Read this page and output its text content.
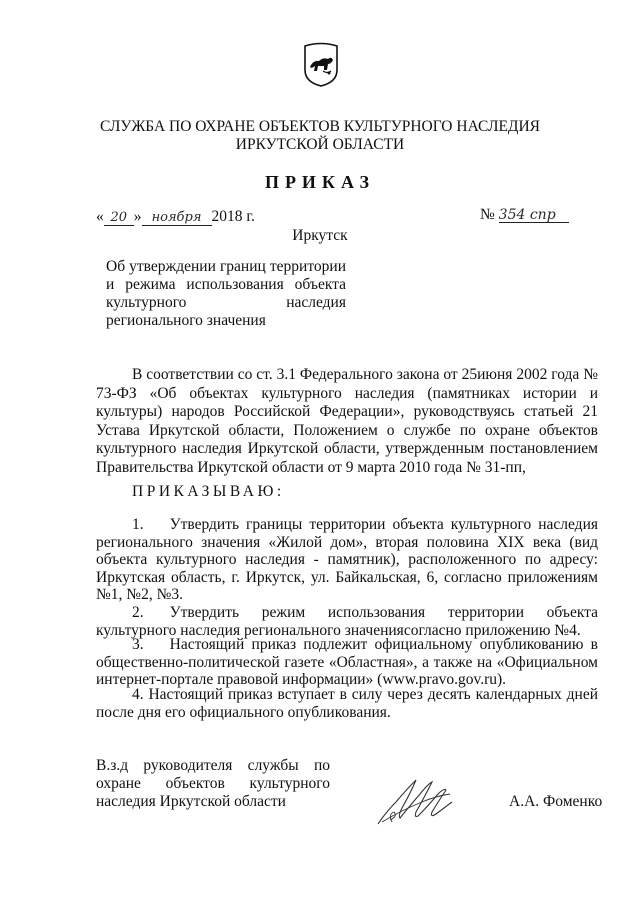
СЛУЖБА ПО ОХРАНЕ ОБЪЕКТОВ КУЛЬТУРНОГО НАСЛЕДИЯ
ИРКУТСКОЙ ОБЛАСТИ
ПРИКАЗ
« 20 » ноября 2018 г.	№ 354 спр
Иркутск
Об утверждении границ территории и режима использования объекта культурного наследия регионального значения
В соответствии со ст. 3.1 Федерального закона от 25июня 2002 года № 73-ФЗ «Об объектах культурного наследия (памятниках истории и культуры) народов Российской Федерации», руководствуясь статьей 21 Устава Иркутской области, Положением о службе по охране объектов культурного наследия Иркутской области, утвержденным постановлением Правительства Иркутской области от 9 марта 2010 года № 31-пп,
ПРИКАЗЫВАЮ:
1. Утвердить границы территории объекта культурного наследия регионального значения «Жилой дом», вторая половина XIX века (вид объекта культурного наследия - памятник), расположенного по адресу: Иркутская область, г. Иркутск, ул. Байкальская, 6, согласно приложениям №1, №2, №3.
2. Утвердить режим использования территории объекта культурного наследия регионального значениясогласно приложению №4.
3. Настоящий приказ подлежит официальному опубликованию в общественно-политической газете «Областная», а также на «Официальном интернет-портале правовой информации» (www.pravo.gov.ru).
4. Настоящий приказ вступает в силу через десять календарных дней после дня его официального опубликования.
В.з.д руководителя службы по
охране объектов культурного
наследия Иркутской области	А.А. Фоменко
